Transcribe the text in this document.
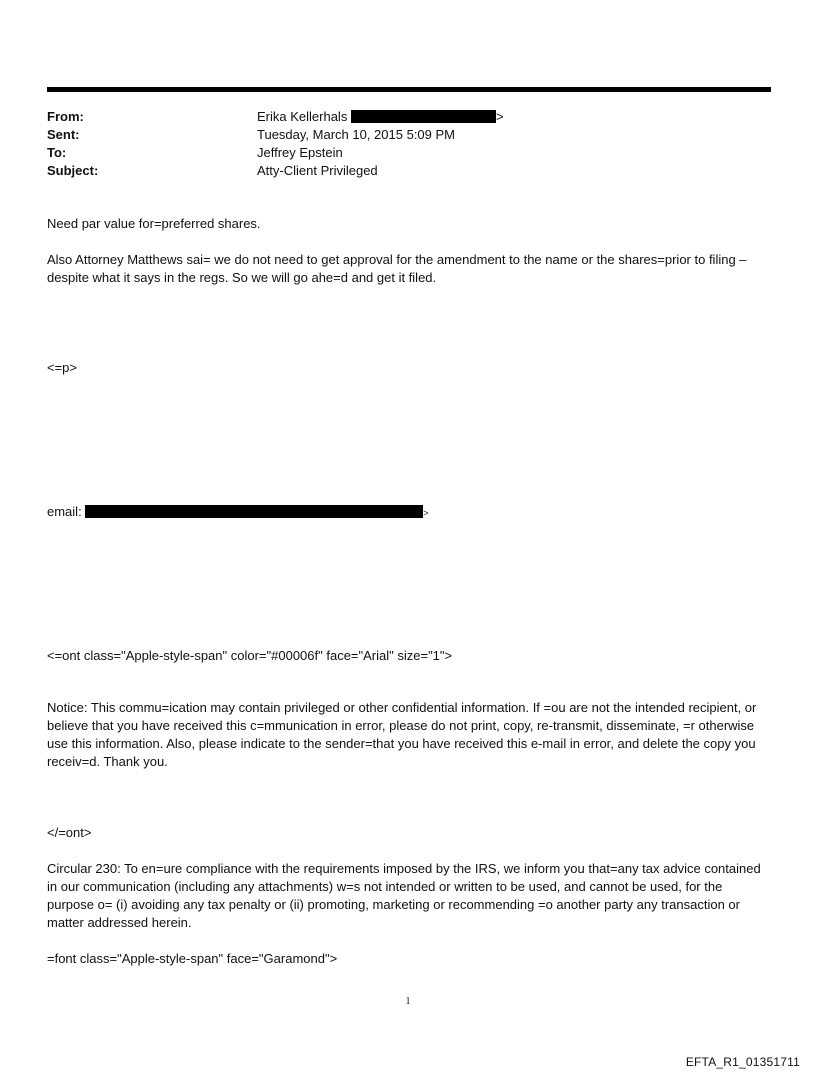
From:	Erika Kellerhals	>
Sent:	Tuesday, March 10, 2015 5:09 PM
To:	Jeffrey Epstein
Subject:	Atty-Client Privileged

Need par value for=preferred shares.

Also Attorney Matthews sai= we do not need to get approval for the amendment to the name or the shares=prior to filing – despite what it says in the regs. So we will go ahe=d and get it filed.

<=p>

email:	>

<=ont class="Apple-style-span" color="#00006f" face="Arial" size="1">

Notice: This commu=ication may contain privileged or other confidential information. If =ou are not the intended recipient, or believe that you have received this c=mmunication in error, please do not print, copy, re-transmit, disseminate, =r otherwise use this information. Also, please indicate to the sender=that you have received this e-mail in error, and delete the copy you receiv=d. Thank you.

</=ont>

Circular 230: To en=ure compliance with the requirements imposed by the IRS, we inform you that=any tax advice contained in our communication (including any attachments) w=s not intended or written to be used, and cannot be used, for the purpose o= (i) avoiding any tax penalty or (ii) promoting, marketing or recommending =o another party any transaction or matter addressed herein.

=font class="Apple-style-span" face="Garamond">

1
EFTA_R1_01351711
